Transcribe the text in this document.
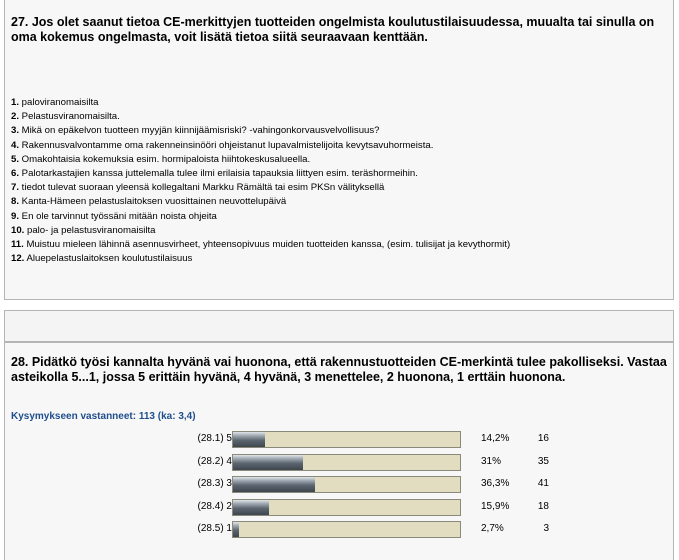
27. Jos olet saanut tietoa CE-merkittyjen tuotteiden ongelmista koulutustilaisuudessa, muualta tai sinulla on oma kokemus ongelmasta, voit lisätä tietoa siitä seuraavaan kenttään.
1. paloviranomaisilta
2. Pelastusviranomaisilta.
3. Mikä on epäkelvon tuotteen myyjän kiinnijäämisriski? -vahingonkorvausvelvollisuus?
4. Rakennusvalvontamme oma rakenneinsinööri ohjeistanut lupavalmistelijoita kevytsavuhormeista.
5. Omakohtaisia kokemuksia esim. hormipaloista hiihtokeskusalueella.
6. Palotarkastajien kanssa juttelemalla tulee ilmi erilaisia tapauksia liittyen esim. teräshormeihin.
7. tiedot tulevat suoraan yleensä kollegaltani Markku Rämältä tai esim PKSn välityksellä
8. Kanta-Hämeen pelastuslaitoksen vuosittainen neuvottelupäivä
9. En ole tarvinnut työssäni mitään noista ohjeita
10. palo- ja pelastusviranomaisilta
11. Muistuu mieleen lähinnä asennusvirheet, yhteensopivuus muiden tuotteiden kanssa, (esim. tulisijat ja kevythormit)
12. Aluepelastuslaitoksen koulutustilaisuus
28. Pidätkö työsi kannalta hyvänä vai huonona, että rakennustuotteiden CE-merkintä tulee pakolliseksi. Vastaa asteikolla 5...1, jossa 5 erittäin hyvänä, 4 hyvänä, 3 menettelee, 2 huonona, 1 erttäin huonona.
Kysymykseen vastanneet: 113 (ka: 3,4)
(28.1) 5	14,2%	16
(28.2) 4	31%	35
(28.3) 3	36,3%	41
(28.4) 2	15,9%	18
(28.5) 1	2,7%	3
